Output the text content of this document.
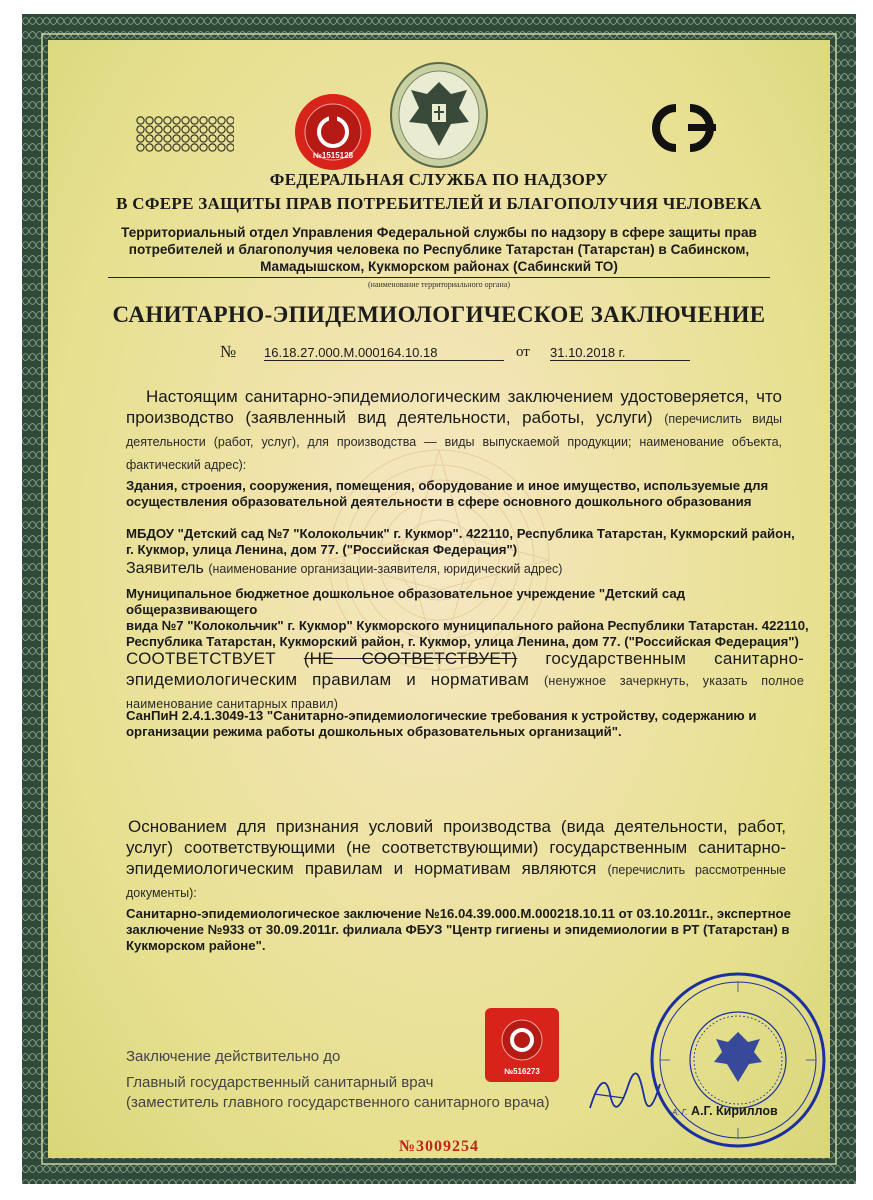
№1515128
ФЕДЕРАЛЬНАЯ СЛУЖБА ПО НАДЗОРУ
В СФЕРЕ ЗАЩИТЫ ПРАВ ПОТРЕБИТЕЛЕЙ И БЛАГОПОЛУЧИЯ ЧЕЛОВЕКА
Территориальный отдел Управления Федеральной службы по надзору в сфере защиты прав
потребителей и благополучия человека по Республике Татарстан (Татарстан) в Сабинском,
Мамадышском, Кукморском районах (Сабинский ТО)
(наименование территориального органа)
САНИТАРНО-ЭПИДЕМИОЛОГИЧЕСКОЕ ЗАКЛЮЧЕНИЕ
№ 16.18.27.000.М.000164.10.18	от 31.10.2018 г.
Настоящим санитарно-эпидемиологическим заключением удостоверяется, что производство (заявленный вид деятельности, работы, услуги) (перечислить виды деятельности (работ, услуг), для производства — виды выпускаемой продукции; наименование объекта, фактический адрес):
Здания, строения, сооружения, помещения, оборудование и иное имущество, используемые для
осуществления образовательной деятельности в сфере основного дошкольного образования
МБДОУ "Детский сад №7 "Колокольчик" г. Кукмор". 422110, Республика Татарстан, Кукморский район,
г. Кукмор, улица Ленина, дом 77. ("Российская Федерация")
Заявитель (наименование организации-заявителя, юридический адрес)
Муниципальное бюджетное дошкольное образовательное учреждение "Детский сад общеразвивающего
вида №7 "Колокольчик" г. Кукмор" Кукморского муниципального района Республики Татарстан. 422110,
Республика Татарстан, Кукморский район, г. Кукмор, улица Ленина, дом 77. ("Российская Федерация")
СООТВЕТСТВУЕТ (НЕ СООТВЕТСТВУЕТ) государственным санитарно-эпидемиологическим правилам и нормативам (ненужное зачеркнуть, указать полное наименование санитарных правил)
СанПиН 2.4.1.3049-13 "Санитарно-эпидемиологические требования к устройству, содержанию и
организации режима работы дошкольных образовательных организаций".
Основанием для признания условий производства (вида деятельности, работ, услуг) соответствующими (не соответствующими) государственным санитарно-эпидемиологическим правилам и нормативам являются (перечислить рассмотренные документы):
Санитарно-эпидемиологическое заключение №16.04.39.000.М.000218.10.11 от 03.10.2011г., экспертное
заключение №933 от 30.09.2011г. филиала ФБУЗ "Центр гигиены и эпидемиологии в РТ (Татарстан) в
Кукморском районе".
№516273
Заключение действительно до
Главный государственный санитарный врач
(заместитель главного государственного санитарного врача)
А. Г. А.Г. Кириллов
№3009254
